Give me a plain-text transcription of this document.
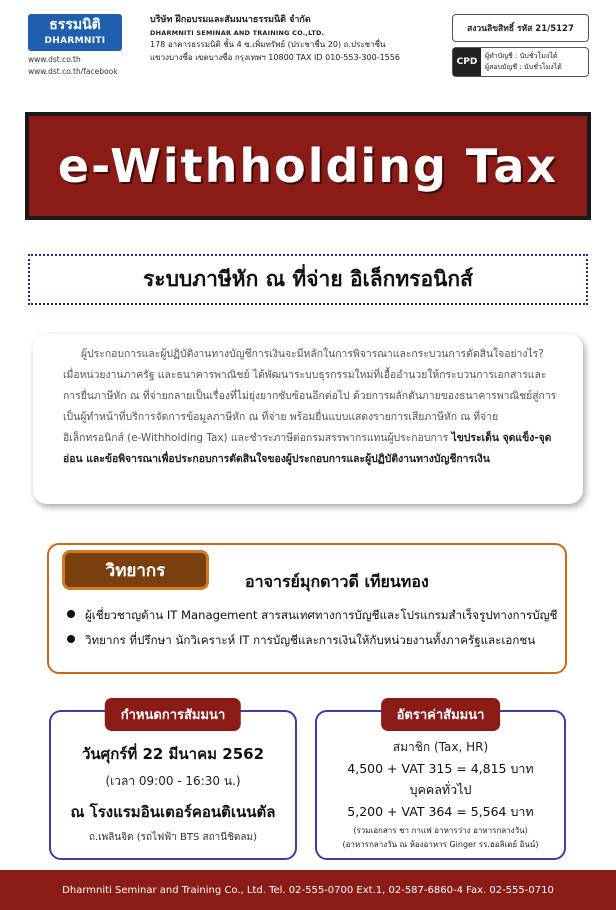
ธรรมนิติ
DHARMNITI
www.dst.co.th
www.dst.co.th/facebook
บริษัท ฝึกอบรมและสัมมนาธรรมนิติ จำกัด
DHARMNITI SEMINAR AND TRAINING CO.,LTD.
178 อาคารธรรมนิติ ชั้น 4 ซ.เพิ่มทรัพย์ (ประชาชื่น 20) ถ.ประชาชื่น
แขวงบางซื่อ เขตบางซื่อ กรุงเทพฯ 10800 TAX ID 010-553-300-1556
สงวนลิขสิทธิ์ รหัส 21/5127
CPD
ผู้ทำบัญชี : นับชั่วโมงได้
ผู้สอบบัญชี : นับชั่วโมงได้
e-Withholding Tax
ระบบภาษีหัก ณ ที่จ่าย อิเล็กทรอนิกส์

ผู้ประกอบการและผู้ปฏิบัติงานทางบัญชีการเงินจะมีหลักในการพิจารณาและกระบวนการตัดสินใจอย่างไร? เมื่อหน่วยงานภาครัฐ และธนาคารพาณิชย์ ได้พัฒนาระบบธุรกรรมใหม่ที่เอื้ออำนวยให้กระบวนการเอกสารและการยื่นภาษีหัก ณ ที่จ่ายกลายเป็นเรื่องที่ไม่ยุ่งยากซับซ้อนอีกต่อไป ด้วยการผลักดันภายของธนาคารพาณิชย์สู่การเป็นผู้ทำหน้าที่บริการจัดการข้อมูลภาษีหัก ณ ที่จ่าย พร้อมยื่นแบบแสดงรายการเสียภาษีหัก ณ ที่จ่าย อิเล็กทรอนิกส์ (e-Withholding Tax) และชำระภาษีต่อกรมสรรพากรแทนผู้ประกอบการ ไขประเด็น จุดแข็ง-จุดอ่อน และข้อพิจารณาเพื่อประกอบการตัดสินใจของผู้ประกอบการและผู้ปฏิบัติงานทางบัญชีการเงิน

วิทยากร
อาจารย์มุกดาวดี เทียนทอง
ผู้เชี่ยวชาญด้าน IT Management สารสนเทศทางการบัญชีและโปรแกรมสำเร็จรูปทางการบัญชี
วิทยากร ที่ปรึกษา นักวิเคราะห์ IT การบัญชีและการเงินให้กับหน่วยงานทั้งภาครัฐและเอกชน
กำหนดการสัมมนา
วันศุกร์ที่ 22 มีนาคม 2562
(เวลา 09:00 - 16:30 น.)
ณ โรงแรมอินเตอร์คอนติเนนตัล
ถ.เพลินจิต (รถไฟฟ้า BTS สถานีชิดลม)
อัตราค่าสัมมนา
สมาชิก (Tax, HR)
4,500 + VAT 315 = 4,815 บาท
บุคคลทั่วไป
5,200 + VAT 364 = 5,564 บาท
(รวมเอกสาร ชา กาแฟ อาหารว่าง อาหารกลางวัน)
(อาหารกลางวัน ณ ห้องอาหาร Ginger รร.ฮอลิเดย์ อินน์)
Dharmniti Seminar and Training Co., Ltd. Tel. 02-555-0700 Ext.1, 02-587-6860-4 Fax. 02-555-0710
